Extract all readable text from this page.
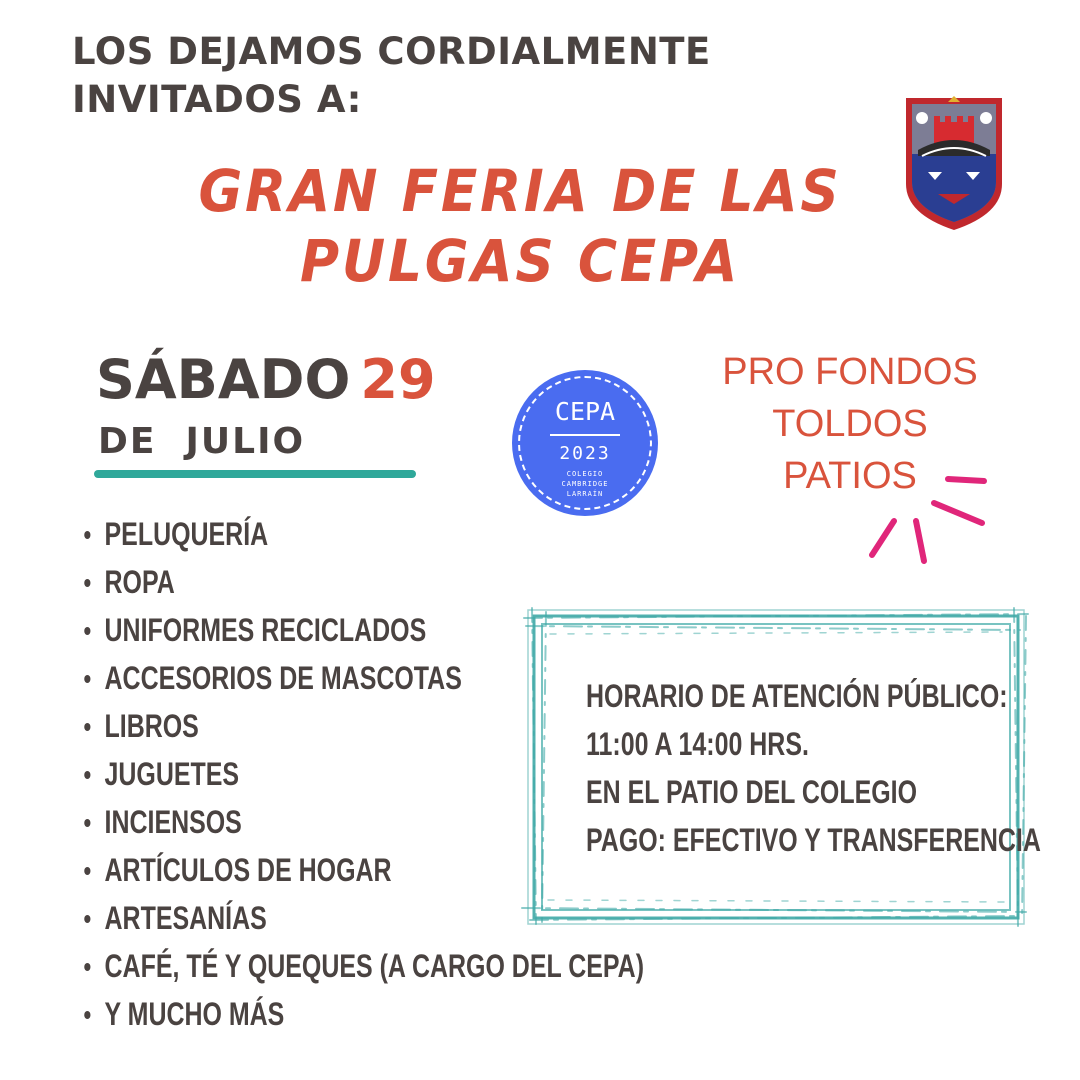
LOS DEJAMOS CORDIALMENTE
INVITADOS A:
GRAN FERIA DE LAS
PULGAS CEPA
SÁBADO 29
DE  JULIO
CEPA
2023
COLEGIO
CAMBRIDGE
LARRAÍN
PRO FONDOS
TOLDOS
PATIOS
PELUQUERÍA
ROPA
UNIFORMES RECICLADOS
ACCESORIOS DE MASCOTAS
LIBROS
JUGUETES
INCIENSOS
ARTÍCULOS DE HOGAR
ARTESANÍAS
CAFÉ, TÉ Y QUEQUES (A CARGO DEL CEPA)
Y MUCHO MÁS
HORARIO DE ATENCIÓN PÚBLICO:
11:00 A 14:00 HRS.
EN EL PATIO DEL COLEGIO
PAGO: EFECTIVO Y TRANSFERENCIA
